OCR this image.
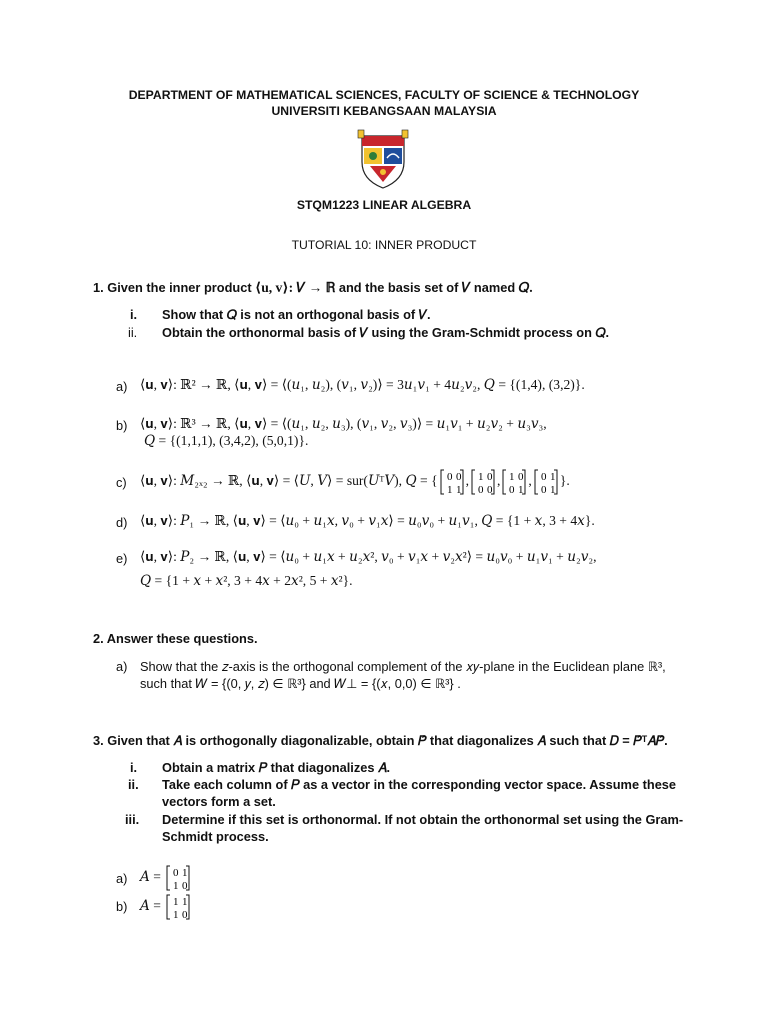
DEPARTMENT OF MATHEMATICAL SCIENCES, FACULTY OF SCIENCE & TECHNOLOGY
UNIVERSITI KEBANGSAAN MALAYSIA
STQM1223 LINEAR ALGEBRA
TUTORIAL 10: INNER PRODUCT
1. Given the inner product ⟨u, v⟩: 𝑉 → ℝ and the basis set of 𝑉 named 𝑄.
i. Show that 𝑄 is not an orthogonal basis of 𝑉.
ii. Obtain the orthonormal basis of 𝑉 using the Gram-Schmidt process on 𝑄.
a) ⟨𝐮, 𝐯⟩: ℝ² → ℝ, ⟨𝐮, 𝐯⟩ = ⟨(𝑢₁, 𝑢₂), (𝑣₁, 𝑣₂)⟩ = 3𝑢₁𝑣₁ + 4𝑢₂𝑣₂, 𝑄 = {(1,4), (3,2)}.
b) ⟨𝐮, 𝐯⟩: ℝ³ → ℝ, ⟨𝐮, 𝐯⟩ = ⟨(𝑢₁, 𝑢₂, 𝑢₃), (𝑣₁, 𝑣₂, 𝑣₃)⟩ = 𝑢₁𝑣₁ + 𝑢₂𝑣₂ + 𝑢₃𝑣₃,
𝑄 = {(1,1,1), (3,4,2), (5,0,1)}.
c) ⟨𝐮, 𝐯⟩: 𝑀₂ₓ₂ → ℝ, ⟨𝐮, 𝐯⟩ = ⟨𝑈, 𝑉⟩ = sur(𝑈ᵀ𝑉), 𝑄 = { 0 0
1 1
, 1 0
0 0
, 1 0
0 1
, 0 1
0 1
}.
d) ⟨𝐮, 𝐯⟩: 𝑃₁ → ℝ, ⟨𝐮, 𝐯⟩ = ⟨𝑢₀ + 𝑢₁𝑥, 𝑣₀ + 𝑣₁𝑥⟩ = 𝑢₀𝑣₀ + 𝑢₁𝑣₁, 𝑄 = {1 + 𝑥, 3 + 4𝑥}.
e) ⟨𝐮, 𝐯⟩: 𝑃₂ → ℝ, ⟨𝐮, 𝐯⟩ = ⟨𝑢₀ + 𝑢₁𝑥 + 𝑢₂𝑥², 𝑣₀ + 𝑣₁𝑥 + 𝑣₂𝑥²⟩ = 𝑢₀𝑣₀ + 𝑢₁𝑣₁ + 𝑢₂𝑣₂,
𝑄 = {1 + 𝑥 + 𝑥², 3 + 4𝑥 + 2𝑥², 5 + 𝑥²}.
2. Answer these questions.
a) Show that the 𝑧-axis is the orthogonal complement of the 𝑥𝑦-plane in the Euclidean plane ℝ³,
such that 𝑊 = {(0, 𝑦, 𝑧) ∈ ℝ³} and 𝑊⊥ = {(𝑥, 0,0) ∈ ℝ³} .
3. Given that 𝐴 is orthogonally diagonalizable, obtain 𝑃̂ that diagonalizes 𝐴 such that 𝐷 = 𝑃̂ᵀ𝐴𝑃̂.
i. Obtain a matrix 𝑃 that diagonalizes 𝐴.
ii. Take each column of 𝑃 as a vector in the corresponding vector space. Assume these
vectors form a set.
iii. Determine if this set is orthonormal. If not obtain the orthonormal set using the Gram-
Schmidt process.
a) 𝐴 = 0 1
1 0
b) 𝐴 = 1 1
1 0
